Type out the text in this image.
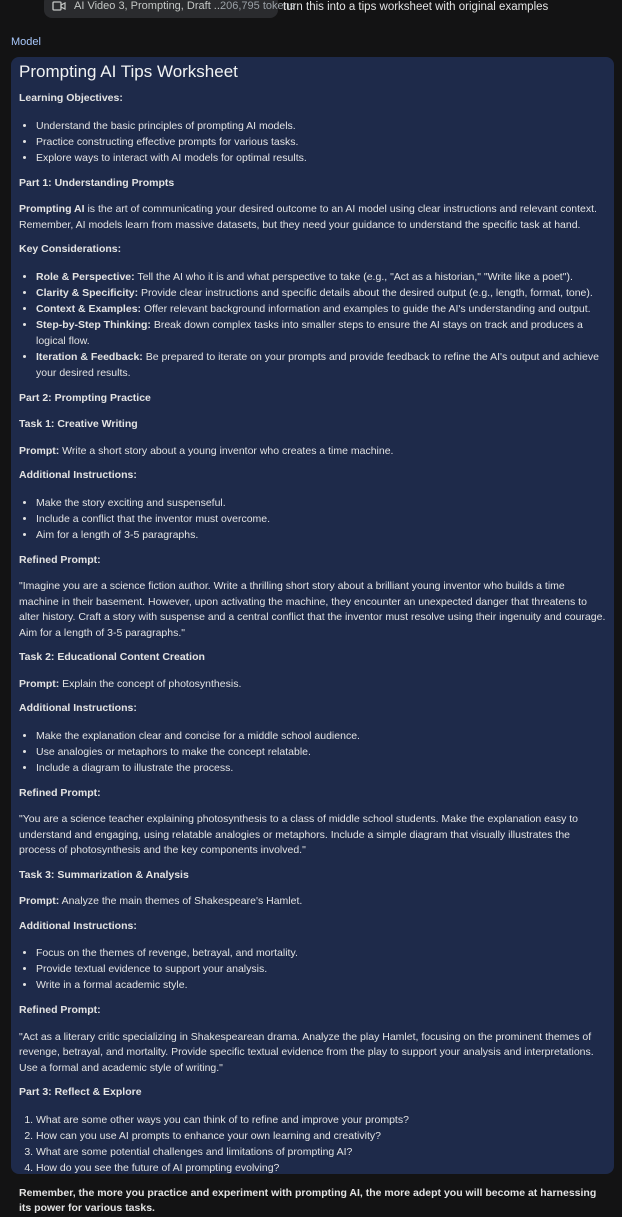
AI Video 3, Prompting, Draft ...
206,795 tokens
turn this into a tips worksheet with original examples
Model
Prompting AI Tips Worksheet

Learning Objectives:

• Understand the basic principles of prompting AI models.
• Practice constructing effective prompts for various tasks.
• Explore ways to interact with AI models for optimal results.

Part 1: Understanding Prompts

Prompting AI is the art of communicating your desired outcome to an AI model using clear instructions and relevant context. Remember, AI models learn from massive datasets, but they need your guidance to understand the specific task at hand.

Key Considerations:

• Role & Perspective: Tell the AI who it is and what perspective to take (e.g., "Act as a historian," "Write like a poet").
• Clarity & Specificity: Provide clear instructions and specific details about the desired output (e.g., length, format, tone).
• Context & Examples: Offer relevant background information and examples to guide the AI's understanding and output.
• Step-by-Step Thinking: Break down complex tasks into smaller steps to ensure the AI stays on track and produces a logical flow.
• Iteration & Feedback: Be prepared to iterate on your prompts and provide feedback to refine the AI's output and achieve your desired results.

Part 2: Prompting Practice

Task 1: Creative Writing

Prompt: Write a short story about a young inventor who creates a time machine.

Additional Instructions:

• Make the story exciting and suspenseful.
• Include a conflict that the inventor must overcome.
• Aim for a length of 3-5 paragraphs.

Refined Prompt:

"Imagine you are a science fiction author. Write a thrilling short story about a brilliant young inventor who builds a time machine in their basement. However, upon activating the machine, they encounter an unexpected danger that threatens to alter history. Craft a story with suspense and a central conflict that the inventor must resolve using their ingenuity and courage. Aim for a length of 3-5 paragraphs."

Task 2: Educational Content Creation

Prompt: Explain the concept of photosynthesis.

Additional Instructions:

• Make the explanation clear and concise for a middle school audience.
• Use analogies or metaphors to make the concept relatable.
• Include a diagram to illustrate the process.

Refined Prompt:

"You are a science teacher explaining photosynthesis to a class of middle school students. Make the explanation easy to understand and engaging, using relatable analogies or metaphors. Include a simple diagram that visually illustrates the process of photosynthesis and the key components involved."

Task 3: Summarization & Analysis

Prompt: Analyze the main themes of Shakespeare's Hamlet.

Additional Instructions:

• Focus on the themes of revenge, betrayal, and mortality.
• Provide textual evidence to support your analysis.
• Write in a formal academic style.

Refined Prompt:

"Act as a literary critic specializing in Shakespearean drama. Analyze the play Hamlet, focusing on the prominent themes of revenge, betrayal, and mortality. Provide specific textual evidence from the play to support your analysis and interpretations. Use a formal and academic style of writing."

Part 3: Reflect & Explore

1. What are some other ways you can think of to refine and improve your prompts?
2. How can you use AI prompts to enhance your own learning and creativity?
3. What are some potential challenges and limitations of prompting AI?
4. How do you see the future of AI prompting evolving?

Remember, the more you practice and experiment with prompting AI, the more adept you will become at harnessing its power for various tasks.
